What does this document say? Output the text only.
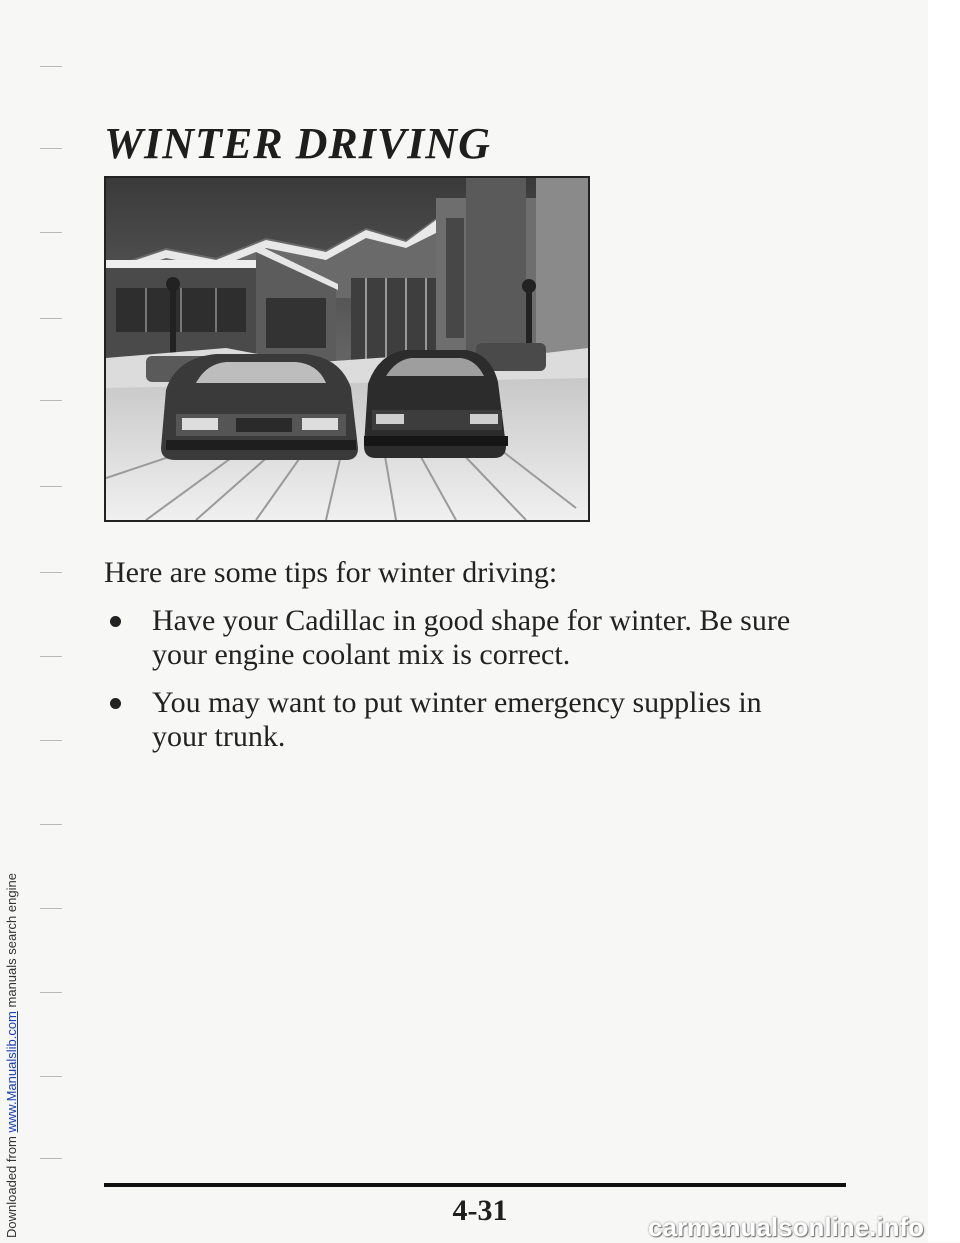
Downloaded from www.Manualslib.com manuals search engine
WINTER DRIVING

Here are some tips for winter driving:

Have your Cadillac in good shape for winter. Be sure your engine coolant mix is correct.
You may want to put winter emergency supplies in your trunk.
4-31	carmanualsonline.info
